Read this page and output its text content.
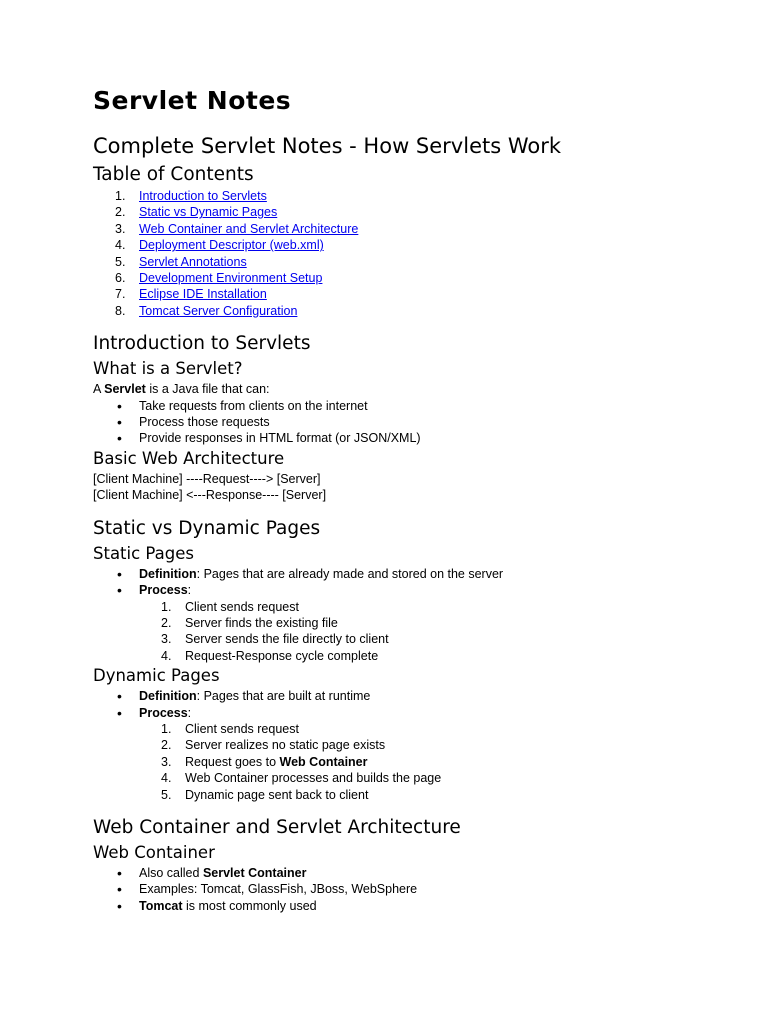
Servlet Notes
Complete Servlet Notes - How Servlets Work
Table of Contents
1.	Introduction to Servlets
2.	Static vs Dynamic Pages
3.	Web Container and Servlet Architecture
4.	Deployment Descriptor (web.xml)
5.	Servlet Annotations
6.	Development Environment Setup
7.	Eclipse IDE Installation
8.	Tomcat Server Configuration
Introduction to Servlets
What is a Servlet?

A Servlet is a Java file that can:

•	Take requests from clients on the internet
•	Process those requests
•	Provide responses in HTML format (or JSON/XML)
Basic Web Architecture

[Client Machine] ----Request----> [Server]

[Client Machine] <---Response---- [Server]

Static vs Dynamic Pages
Static Pages
•	Definition: Pages that are already made and stored on the server
•	Process:
1.	Client sends request
2.	Server finds the existing file
3.	Server sends the file directly to client
4.	Request-Response cycle complete
Dynamic Pages
•	Definition: Pages that are built at runtime
•	Process:
1.	Client sends request
2.	Server realizes no static page exists
3.	Request goes to Web Container
4.	Web Container processes and builds the page
5.	Dynamic page sent back to client
Web Container and Servlet Architecture
Web Container
•	Also called Servlet Container
•	Examples: Tomcat, GlassFish, JBoss, WebSphere
•	Tomcat is most commonly used
